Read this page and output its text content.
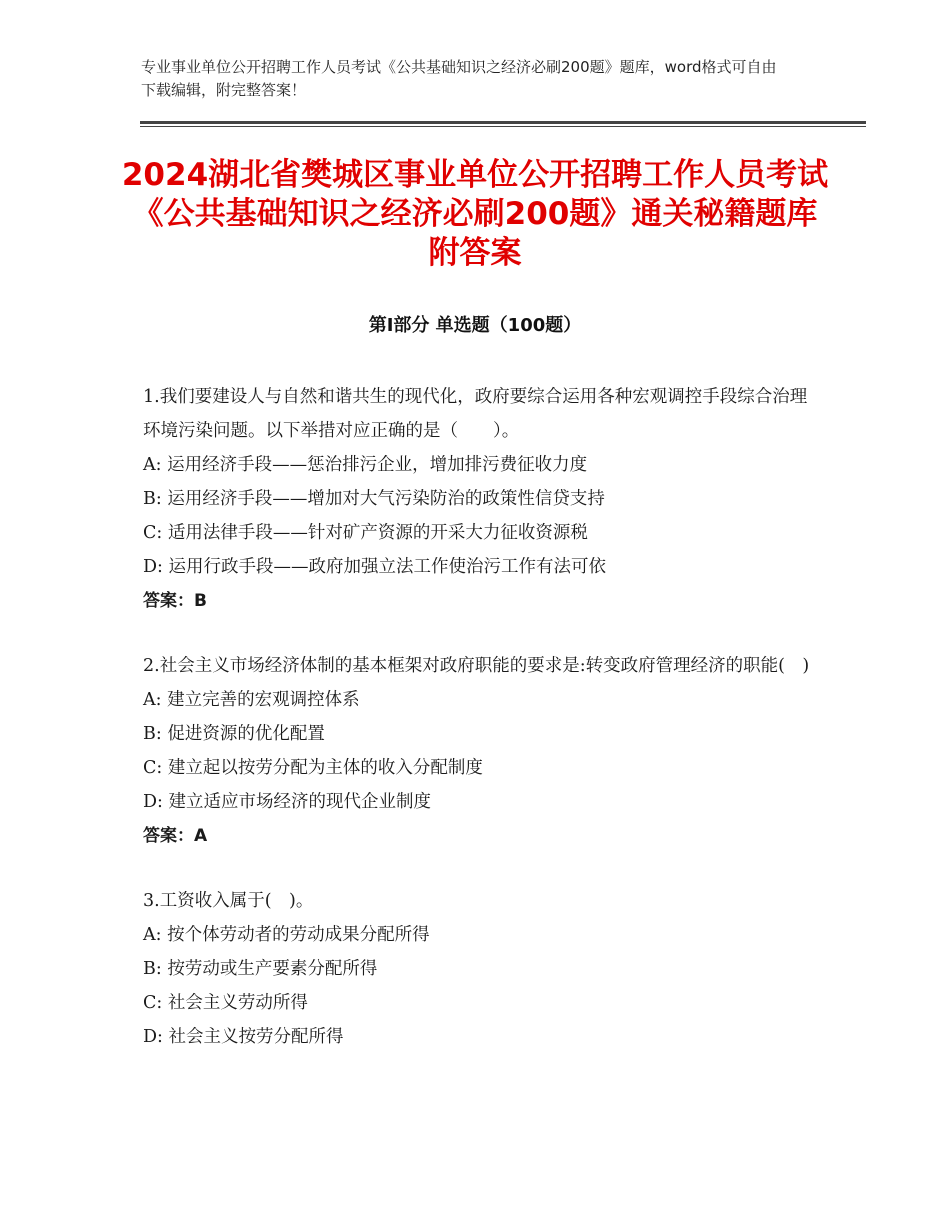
专业事业单位公开招聘工作人员考试《公共基础知识之经济必刷200题》题库，word格式可自由下载编辑，附完整答案！
2024湖北省樊城区事业单位公开招聘工作人员考试《公共基础知识之经济必刷200题》通关秘籍题库附答案
第Ⅰ部分 单选题（100题）

1.我们要建设人与自然和谐共生的现代化，政府要综合运用各种宏观调控手段综合治理环境污染问题。以下举措对应正确的是（　　）。

A: 运用经济手段——惩治排污企业，增加排污费征收力度

B: 运用经济手段——增加对大气污染防治的政策性信贷支持

C: 适用法律手段——针对矿产资源的开采大力征收资源税

D: 运用行政手段——政府加强立法工作使治污工作有法可依

答案：B

2.社会主义市场经济体制的基本框架对政府职能的要求是:转变政府管理经济的职能(　)

A: 建立完善的宏观调控体系

B: 促进资源的优化配置

C: 建立起以按劳分配为主体的收入分配制度

D: 建立适应市场经济的现代企业制度

答案：A

3.工资收入属于(　)。

A: 按个体劳动者的劳动成果分配所得

B: 按劳动或生产要素分配所得

C: 社会主义劳动所得

D: 社会主义按劳分配所得
